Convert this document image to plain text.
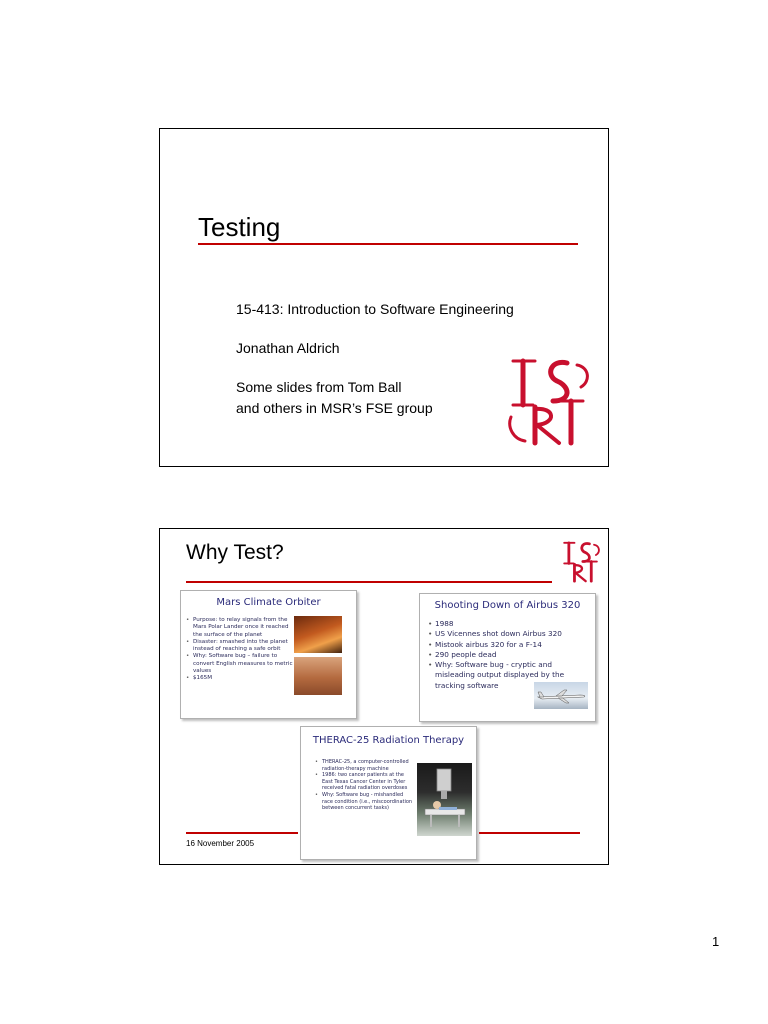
Testing
15-413: Introduction to Software Engineering
Jonathan Aldrich
Some slides from Tom Ball
and others in MSR’s FSE group
Why Test?
Mars Climate Orbiter
• Purpose: to relay signals from the Mars Polar Lander once it reached the surface of the planet
• Disaster: smashed into the planet instead of reaching a safe orbit
• Why: Software bug – failure to convert English measures to metric values
• $165M
Shooting Down of Airbus 320
• 1988
• US Vicennes shot down Airbus 320
• Mistook airbus 320 for a F-14
• 290 people dead
• Why: Software bug - cryptic and misleading output displayed by the tracking software
THERAC-25 Radiation Therapy
• THERAC-25, a computer-controlled radiation-therapy machine
• 1986: two cancer patients at the East Texas Cancer Center in Tyler received fatal radiation overdoses
• Why: Software bug - mishandled race condition (i.e., miscoordination between concurrent tasks)
16 November 2005
1
